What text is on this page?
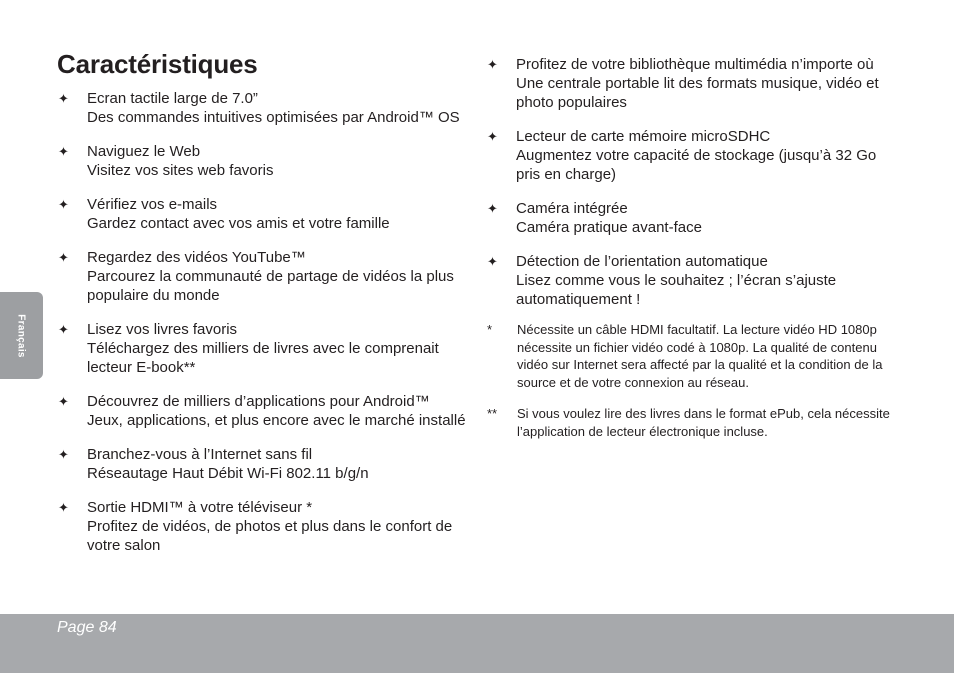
Français
Caractéristiques
✦ Ecran tactile large de 7.0”
Des commandes intuitives optimisées par Android™ OS
✦ Naviguez le Web
Visitez vos sites web favoris
✦ Vérifiez vos e-mails
Gardez contact avec vos amis et votre famille
✦ Regardez des vidéos YouTube™
Parcourez la communauté de partage de vidéos la plus populaire du monde
✦ Lisez vos livres favoris
Téléchargez des milliers de livres avec le comprenait lecteur E-book**
✦ Découvrez de milliers d’applications pour Android™
Jeux, applications, et plus encore avec le marché installé
✦ Branchez-vous à l’Internet sans fil
Réseautage Haut Débit Wi-Fi 802.11 b/g/n
✦ Sortie HDMI™ à votre téléviseur *
Profitez de vidéos, de photos et plus dans le confort de votre salon
✦ Profitez de votre bibliothèque multimédia n’importe où
Une centrale portable lit des formats musique, vidéo et photo populaires
✦ Lecteur de carte mémoire microSDHC
Augmentez votre capacité de stockage (jusqu’à 32 Go pris en charge)
✦ Caméra intégrée
Caméra pratique avant-face
✦ Détection de l’orientation automatique
Lisez comme vous le souhaitez ; l’écran s’ajuste automatiquement !
* Nécessite un câble HDMI facultatif. La lecture vidéo HD 1080p nécessite un fichier vidéo codé à 1080p. La qualité de contenu vidéo sur Internet sera affecté par la qualité et la condition de la source et de votre connexion au réseau.
** Si vous voulez lire des livres dans le format ePub, cela nécessite l’application de lecteur électronique incluse.
Page 84
